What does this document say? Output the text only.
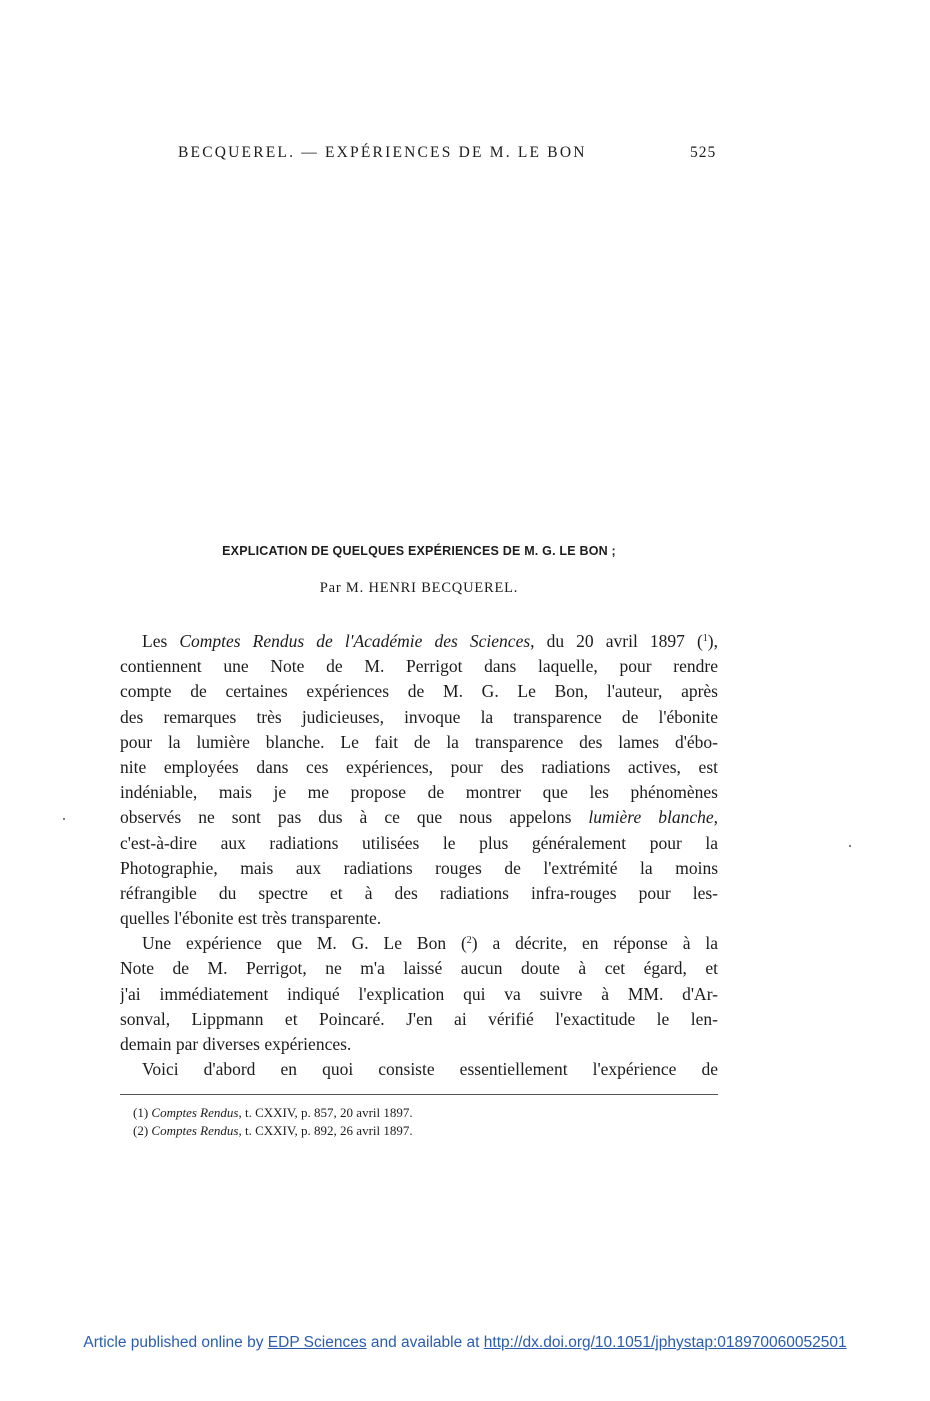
BECQUEREL. — EXPÉRIENCES DE M. LE BON	525
EXPLICATION DE QUELQUES EXPÉRIENCES DE M. G. LE BON ;
Par M. HENRI BECQUEREL.
Les Comptes Rendus de l'Académie des Sciences, du 20 avril 1897 ($^1$),
contiennent une Note de M. Perrigot dans laquelle, pour rendre
compte de certaines expériences de M. G. Le Bon, l'auteur, après
des remarques très judicieuses, invoque la transparence de l'ébonite
pour la lumière blanche. Le fait de la transparence des lames d'ébo-
nite employées dans ces expériences, pour des radiations actives, est
indéniable, mais je me propose de montrer que les phénomènes
observés ne sont pas dus à ce que nous appelons lumière blanche,
c'est-à-dire aux radiations utilisées le plus généralement pour la
Photographie, mais aux radiations rouges de l'extrémité la moins
réfrangible du spectre et à des radiations infra-rouges pour les-
quelles l'ébonite est très transparente.
Une expérience que M. G. Le Bon ($^2$) a décrite, en réponse à la
Note de M. Perrigot, ne m'a laissé aucun doute à cet égard, et
j'ai immédiatement indiqué l'explication qui va suivre à MM. d'Ar-
sonval, Lippmann et Poincaré. J'en ai vérifié l'exactitude le len-
demain par diverses expériences.
Voici d'abord en quoi consiste essentiellement l'expérience de
(1) Comptes Rendus, t. CXXIV, p. 857, 20 avril 1897.
(2) Comptes Rendus, t. CXXIV, p. 892, 26 avril 1897.
Article published online by EDP Sciences and available at http://dx.doi.org/10.1051/jphystap:018970060052501
